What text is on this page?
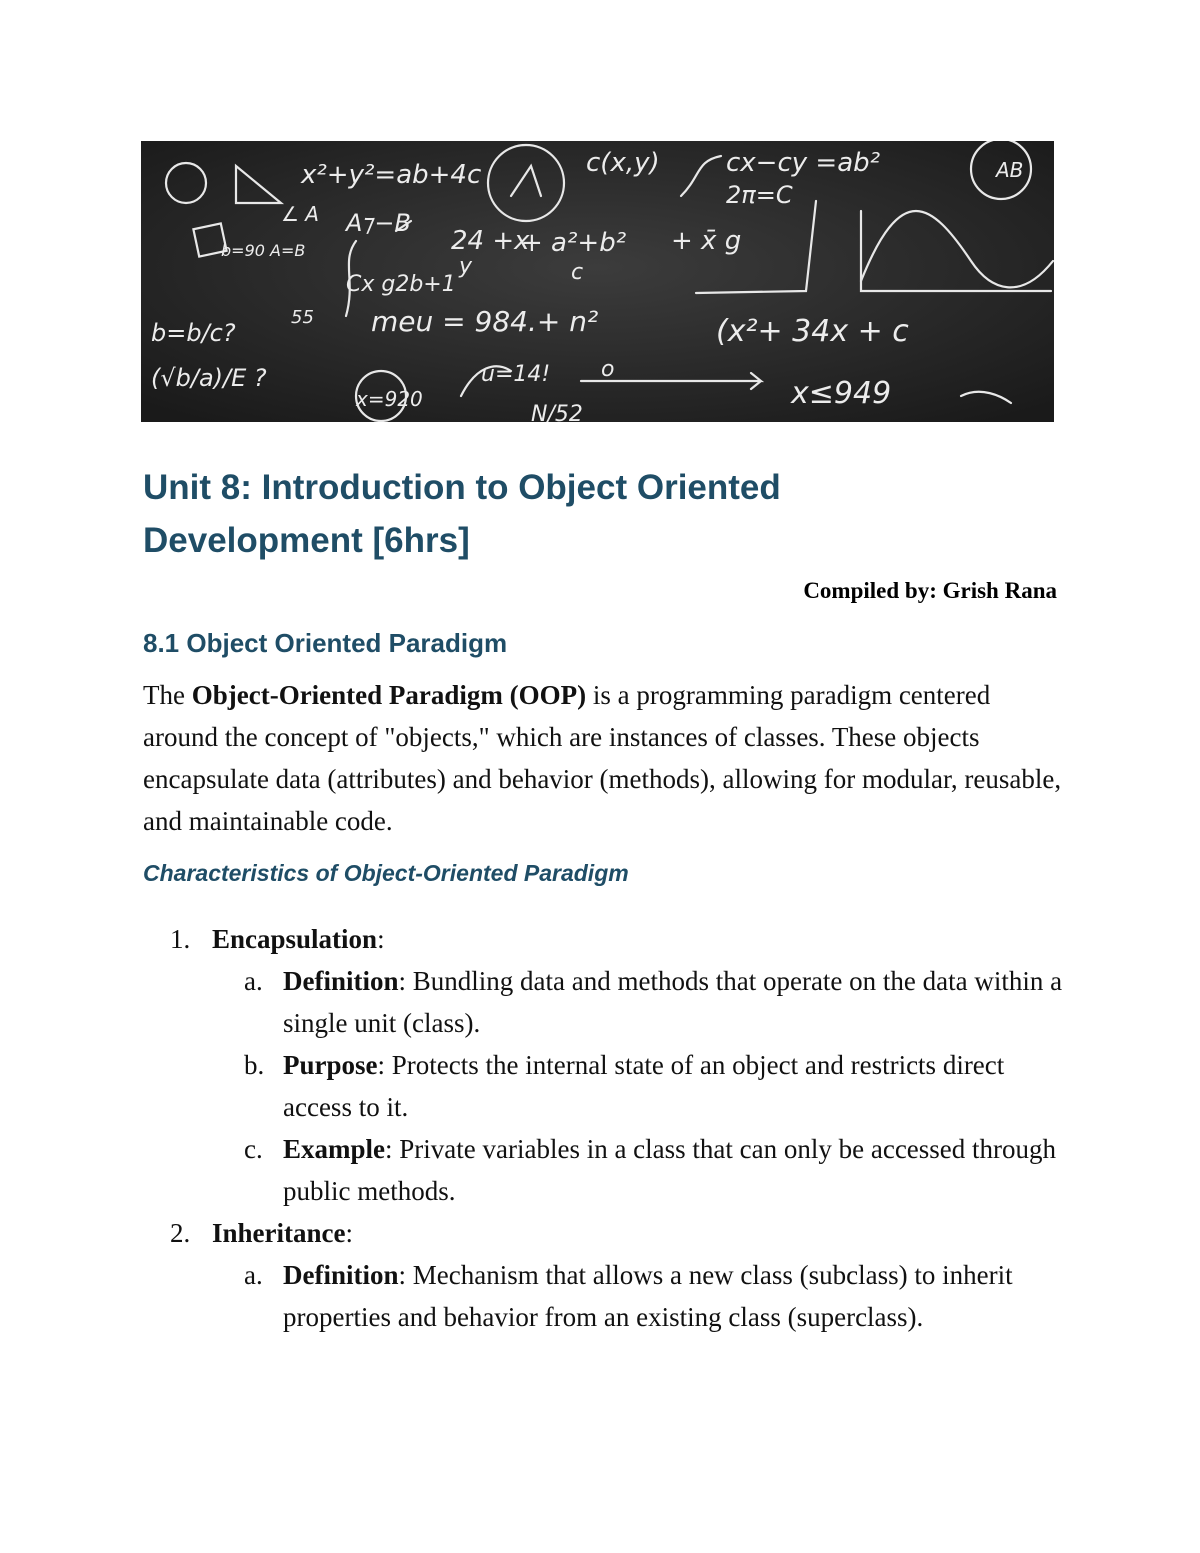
x²+y²=ab+4c	c(x,y)	cx−cy =ab²
2π=C
AB
A⁊−B
24 +x
y
+ a²+b²
c
+ x̄ g
Cx g2b+1
b=90 A=B
meu = 984.+ n²	(x²+ 34x + c
b=b/c?
(√b/a)/E ?	u=14! o
x≤949
x=920
N/52
∠ A
55
Unit 8: Introduction to Object Oriented
Development [6hrs]

Compiled by: Grish Rana

8.1 Object Oriented Paradigm

The Object-Oriented Paradigm (OOP) is a programming paradigm centered around the concept of "objects," which are instances of classes. These objects encapsulate data (attributes) and behavior (methods), allowing for modular, reusable, and maintainable code.

Characteristics of Object-Oriented Paradigm
1. Encapsulation:
a. Definition: Bundling data and methods that operate on the data within a single unit (class).
b. Purpose: Protects the internal state of an object and restricts direct access to it.
c. Example: Private variables in a class that can only be accessed through public methods.
2. Inheritance:
a. Definition: Mechanism that allows a new class (subclass) to inherit properties and behavior from an existing class (superclass).
